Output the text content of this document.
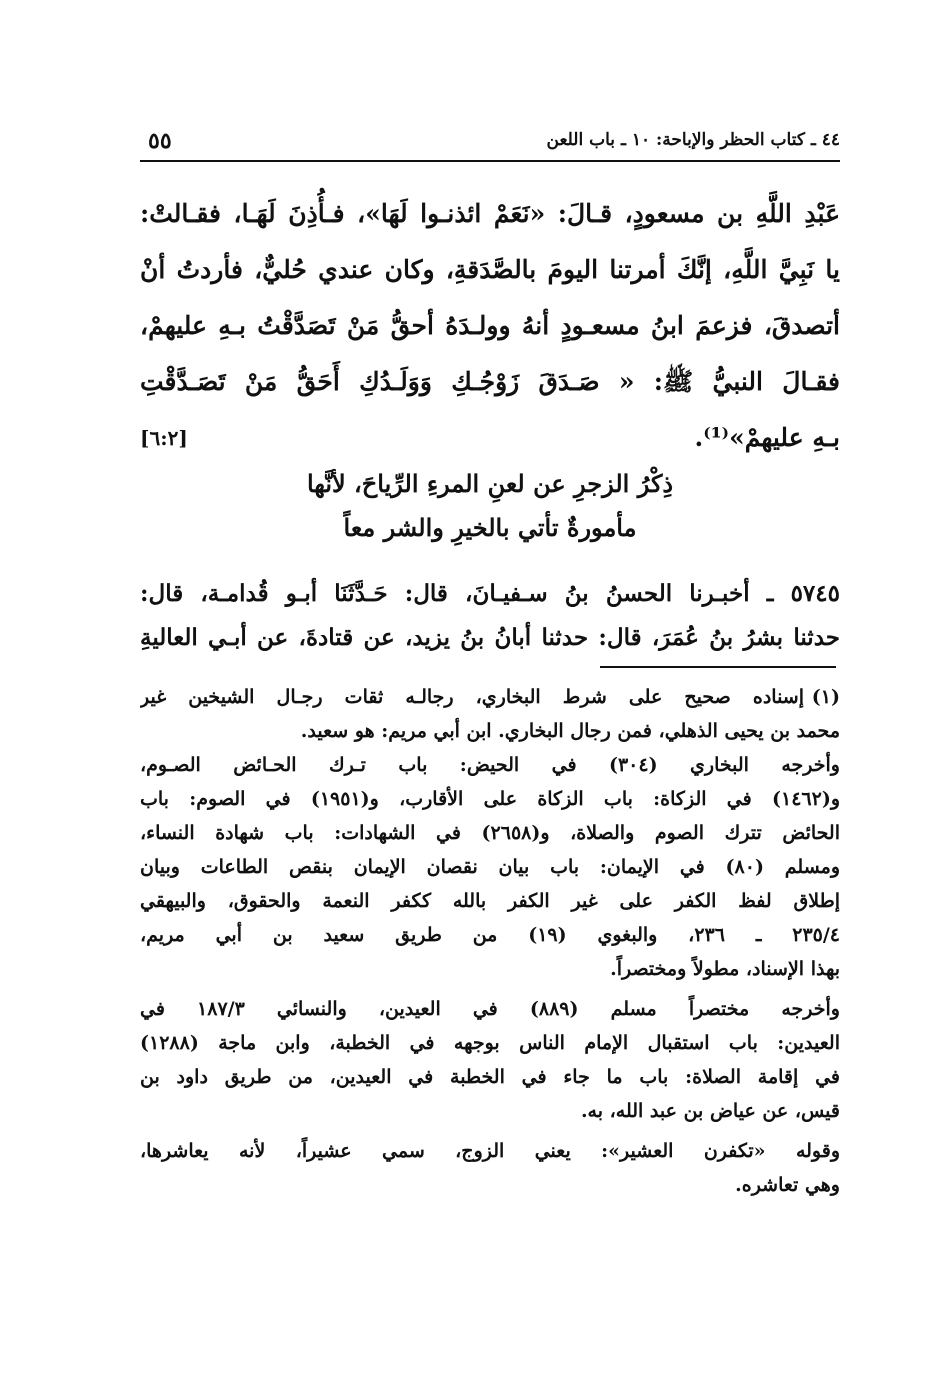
٥٥	٤٤ ـ كتاب الحظر والإباحة: ١٠ ـ باب اللعن
عَبْدِ اللَّهِ بن مسعودٍ، قـالَ: «نَعَمْ ائذنـوا لَهَا»، فـأُذِنَ لَهَـا، فقـالتْ:
يا نَبِيَّ اللَّهِ، إنَّكَ أمرتنا اليومَ بالصَّدَقةِ، وكان عندي حُليٌّ، فأردتُ أنْ
أتصدقَ، فزعمَ ابنُ مسعـودٍ أنهُ وولـدَهُ أحقُّ مَنْ تَصَدَّقْتُ بـهِ عليهمْ،
فقـالَ النبيُّ ﷺ: « صَـدَقَ زَوْجُـكِ وَوَلَـدُكِ أَحَقُّ مَنْ تَصَـدَّقْتِ
بـهِ عليهمْ»⁽¹⁾.
[٦:٢]
ذِكْرُ الزجرِ عن لعنِ المرءِ الرِّياحَ، لأنَّها
مأمورةٌ تأتي بالخيرِ والشر معاً
٥٧٤٥ ـ أخبـرنا الحسنُ بنُ سـفيـانَ، قال: حَـدَّثَنَا أبـو قُدامـة، قال:
حدثنا بشرُ بنُ عُمَرَ، قال: حدثنا أبانُ بنُ يزيد، عن قتادةَ، عن أبـي العاليةِ
(١)إسناده صحيح على شرط البخاري، رجالـه ثقات رجـال الشيخين غير
محمد بن يحيى الذهلي، فمن رجال البخاري. ابن أبي مريم: هو سعيد.
وأخرجه البخاري (٣٠٤) في الحيض: باب تـرك الحـائض الصـوم،
و(١٤٦٢) في الزكاة: باب الزكاة على الأقارب، و(١٩٥١) في الصوم: باب
الحائض تترك الصوم والصلاة، و(٢٦٥٨) في الشهادات: باب شهادة النساء،
ومسلم (٨٠) في الإيمان: باب بيان نقصان الإيمان بنقص الطاعات وبيان
إطلاق لفظ الكفر على غير الكفر بالله ككفر النعمة والحقوق، والبيهقي
٢٣٥/٤ ـ ٢٣٦، والبغوي (١٩) من طريق سعيد بن أبي مريم،
بهذا الإسناد، مطولاً ومختصراً.
وأخرجه مختصراً مسلم (٨٨٩) في العيدين، والنسائي ١٨٧/٣ في
العيدين: باب استقبال الإمام الناس بوجهه في الخطبة، وابن ماجة (١٢٨٨)
في إقامة الصلاة: باب ما جاء في الخطبة في العيدين، من طريق داود بن
قيس، عن عياض بن عبد الله، به.
وقوله «تكفرن العشير»: يعني الزوج، سمي عشيراً، لأنه يعاشرها،
وهي تعاشره.
